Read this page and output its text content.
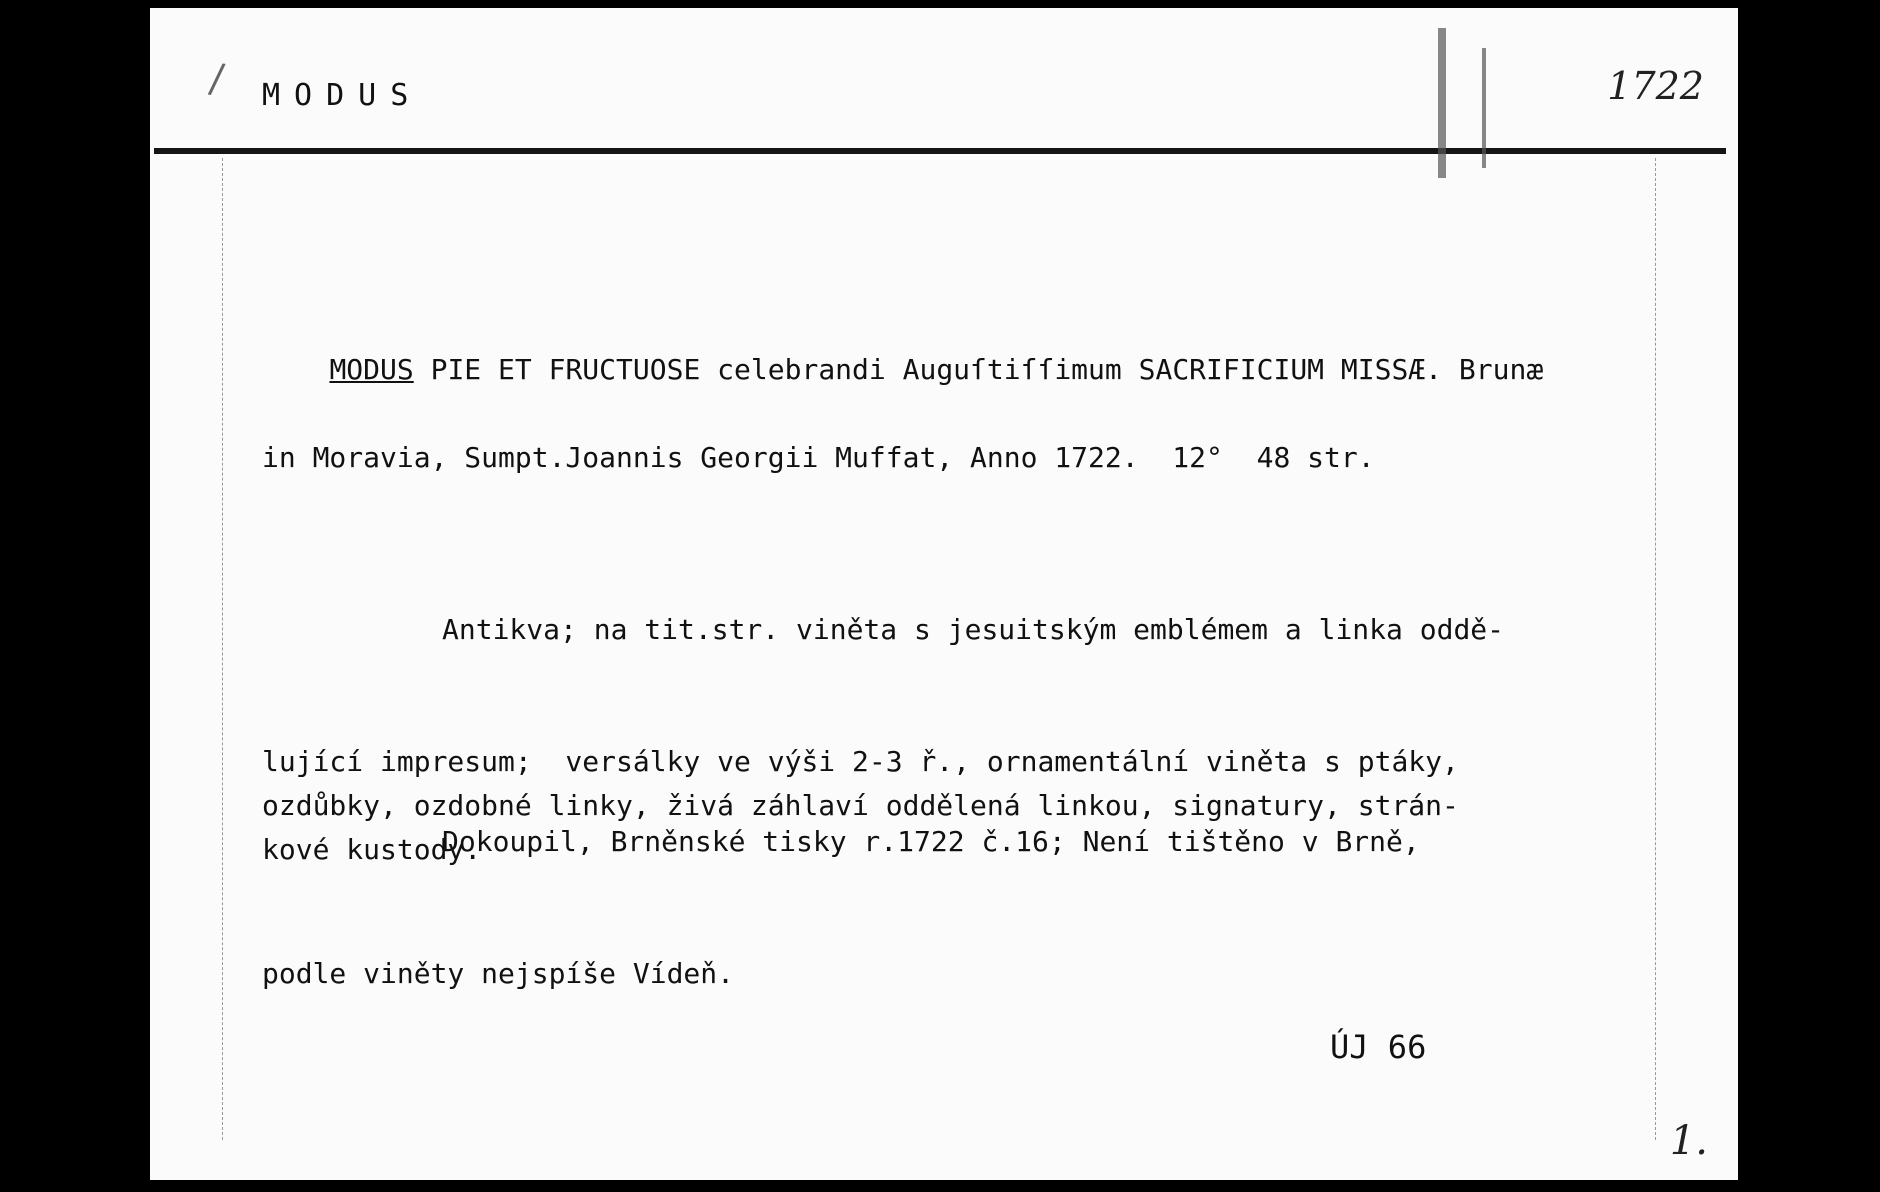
/ MODUS	1722

MODUS PIE ET FRUCTUOSE celebrandi Auguſtiſſimum SACRIFICIUM MISSÆ. Brunæ

in Moravia, Sumpt.Joannis Georgii Muffat, Anno 1722.  12°  48 str.

Antikva; na tit.str. viněta s jesuitským emblémem a linka oddě-

lující impresum;  versálky ve výši 2-3 ř., ornamentální viněta s ptáky,
ozdůbky, ozdobné linky, živá záhlaví oddělená linkou, signatury, strán-
kové kustody.

Dokoupil, Brněnské tisky r.1722 č.16; Není tištěno v Brně,

podle viněty nejspíše Vídeň.

ÚJ 66
1.
